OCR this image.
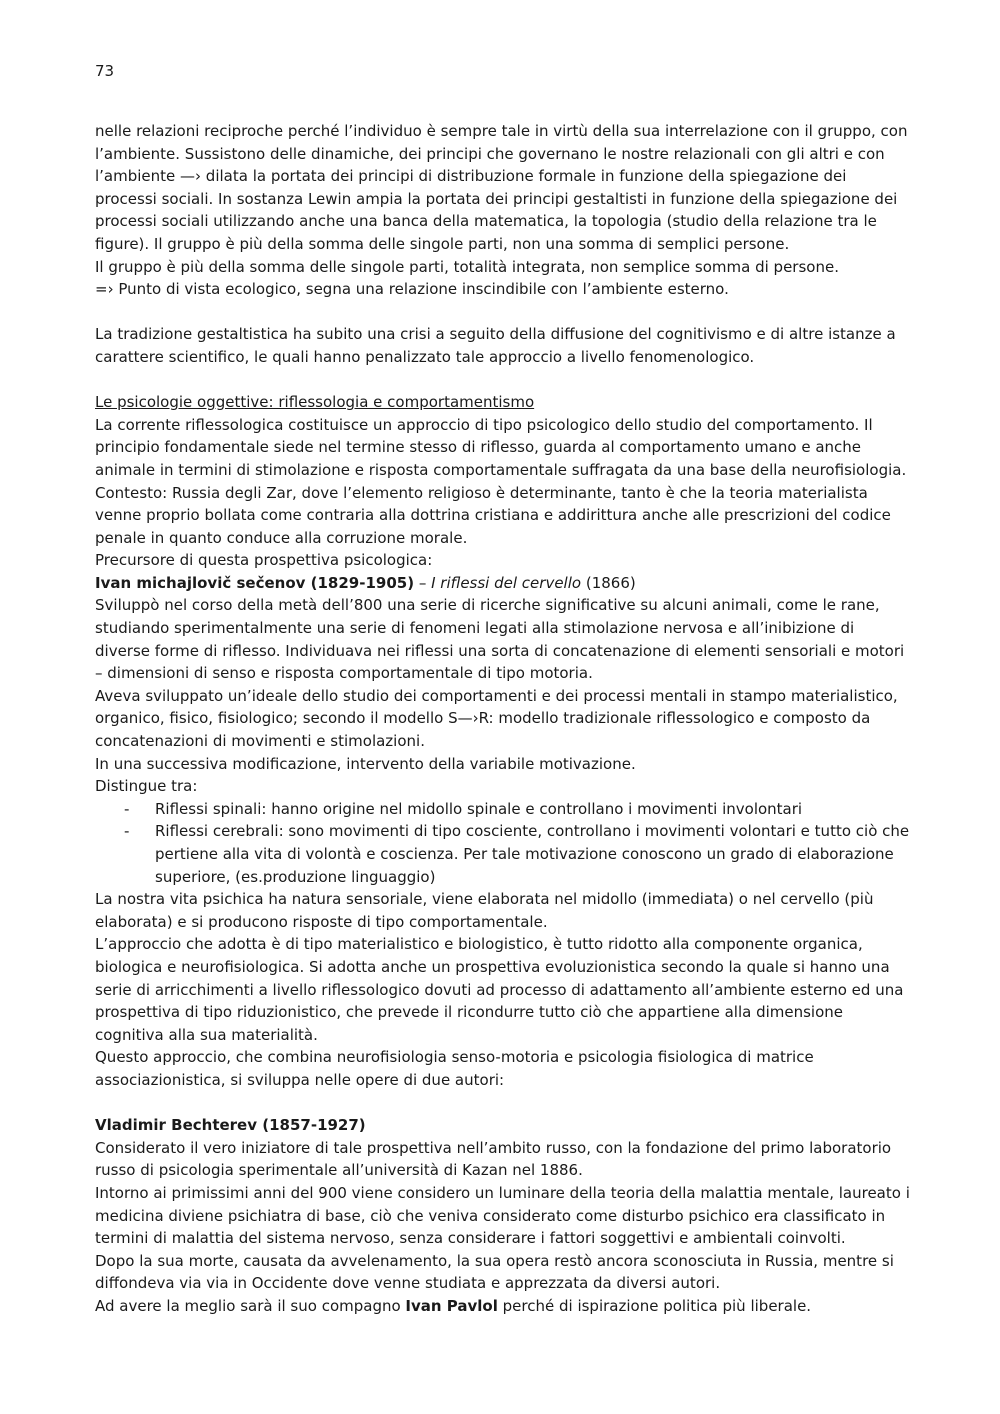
73

nelle relazioni reciproche perché l’individuo è sempre tale in virtù della sua interrelazione con il gruppo, con l’ambiente. Sussistono delle dinamiche, dei principi che governano le nostre relazionali con gli altri e con l’ambiente —› dilata la portata dei principi di distribuzione formale in funzione della spiegazione dei processi sociali. In sostanza Lewin ampia la portata dei principi gestaltisti in funzione della spiegazione dei processi sociali utilizzando anche una banca della matematica, la topologia (studio della relazione tra le figure). Il gruppo è più della somma delle singole parti, non una somma di semplici persone.

Il gruppo è più della somma delle singole parti, totalità integrata, non semplice somma di persone.

=› Punto di vista ecologico, segna una relazione inscindibile con l’ambiente esterno.

La tradizione gestaltistica ha subito una crisi a seguito della diffusione del cognitivismo e di altre istanze a carattere scientifico, le quali hanno penalizzato tale approccio a livello fenomenologico.

Le psicologie oggettive: riflessologia e comportamentismo

La corrente riflessologica costituisce un approccio di tipo psicologico dello studio del comportamento. Il principio fondamentale siede nel termine stesso di riflesso, guarda al comportamento umano e anche animale in termini di stimolazione e risposta comportamentale suffragata da una base della neurofisiologia.

Contesto: Russia degli Zar, dove l’elemento religioso è determinante, tanto è che la teoria materialista venne proprio bollata come contraria alla dottrina cristiana e addirittura anche alle prescrizioni del codice penale in quanto conduce alla corruzione morale.

Precursore di questa prospettiva psicologica:

Ivan michajlovič sečenov (1829-1905) – I riflessi del cervello (1866)

Sviluppò nel corso della metà dell’800 una serie di ricerche significative su alcuni animali, come le rane, studiando sperimentalmente una serie di fenomeni legati alla stimolazione nervosa e all’inibizione di diverse forme di riflesso. Individuava nei riflessi una sorta di concatenazione di elementi sensoriali e motori – dimensioni di senso e risposta comportamentale di tipo motoria.

Aveva sviluppato un’ideale dello studio dei comportamenti e dei processi mentali in stampo materialistico, organico, fisico, fisiologico; secondo il modello S—›R: modello tradizionale riflessologico e composto da concatenazioni di movimenti e stimolazioni.

In una successiva modificazione, intervento della variabile motivazione.

Distingue tra:

- Riflessi spinali: hanno origine nel midollo spinale e controllano i movimenti involontari
- Riflessi cerebrali: sono movimenti di tipo cosciente, controllano i movimenti volontari e tutto ciò che pertiene alla vita di volontà e coscienza. Per tale motivazione conoscono un grado di elaborazione superiore, (es.produzione linguaggio)

La nostra vita psichica ha natura sensoriale, viene elaborata nel midollo (immediata) o nel cervello (più elaborata) e si producono risposte di tipo comportamentale.

L’approccio che adotta è di tipo materialistico e biologistico, è tutto ridotto alla componente organica, biologica e neurofisiologica. Si adotta anche un prospettiva evoluzionistica secondo la quale si hanno una serie di arricchimenti a livello riflessologico dovuti ad processo di adattamento all’ambiente esterno ed una prospettiva di tipo riduzionistico, che prevede il ricondurre tutto ciò che appartiene alla dimensione cognitiva alla sua materialità.

Questo approccio, che combina neurofisiologia senso-motoria e psicologia fisiologica di matrice associazionistica, si sviluppa nelle opere di due autori:

Vladimir Bechterev (1857-1927)

Considerato il vero iniziatore di tale prospettiva nell’ambito russo, con la fondazione del primo laboratorio russo di psicologia sperimentale all’università di Kazan nel 1886.

Intorno ai primissimi anni del 900 viene considero un luminare della teoria della malattia mentale, laureato i medicina diviene psichiatra di base, ciò che veniva considerato come disturbo psichico era classificato in termini di malattia del sistema nervoso, senza considerare i fattori soggettivi e ambientali coinvolti.

Dopo la sua morte, causata da avvelenamento, la sua opera restò ancora sconosciuta in Russia, mentre si diffondeva via via in Occidente dove venne studiata e apprezzata da diversi autori.

Ad avere la meglio sarà il suo compagno Ivan Pavlol perché di ispirazione politica più liberale.
